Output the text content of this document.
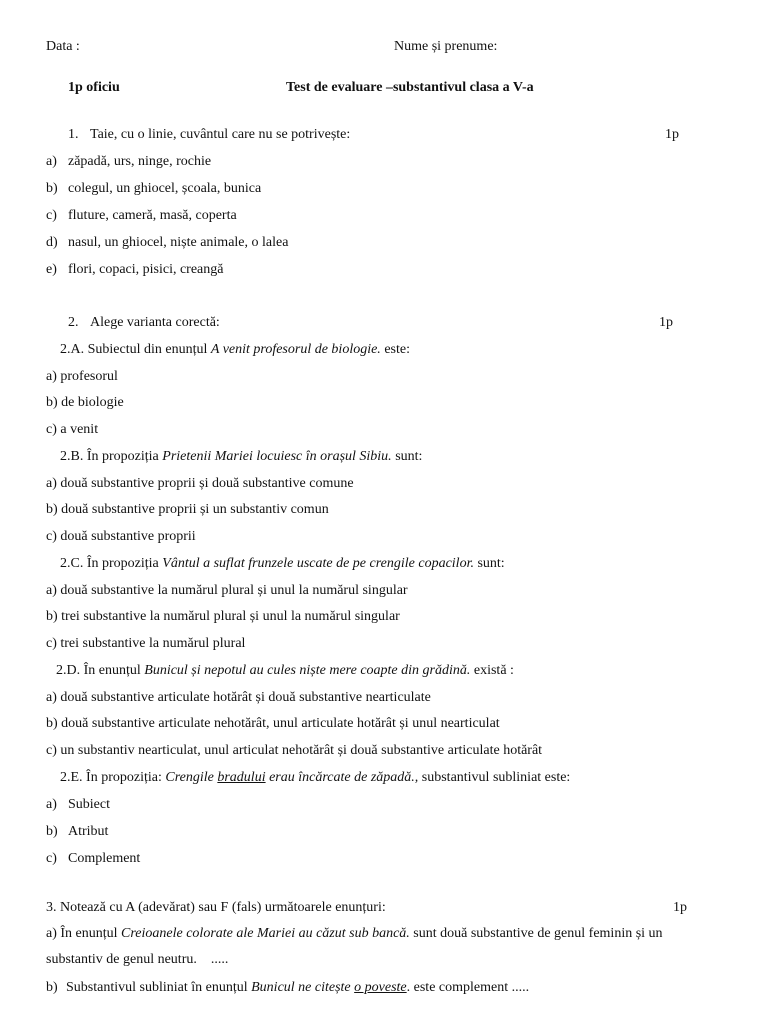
Data :	Nume și prenume:
1p oficiu	Test de evaluare –substantivul clasa a V-a
1. Taie, cu o linie, cuvântul care nu se potrivește:	1p
a) zăpadă, urs, ninge, rochie
b) colegul, un ghiocel, școala, bunica
c) fluture, cameră, masă, coperta
d) nasul, un ghiocel, niște animale, o lalea
e) flori, copaci, pisici, creangă
2. Alege varianta corectă:	1p
2.A. Subiectul din enunțul A venit profesorul de biologie. este:
a) profesorul
b) de biologie
c) a venit
2.B. În propoziția Prietenii Mariei locuiesc în orașul Sibiu. sunt:
a) două substantive proprii și două substantive comune
b) două substantive proprii și un substantiv comun
c) două substantive proprii
2.C. În propoziția Vântul a suflat frunzele uscate de pe crengile copacilor. sunt:
a) două substantive la numărul plural și unul la numărul singular
b) trei substantive la numărul plural și unul la numărul singular
c) trei substantive la numărul plural
2.D. În enunțul Bunicul și nepotul au cules niște mere coapte din grădină. există :
a) două substantive articulate hotărât și două substantive nearticulate
b) două substantive articulate nehotărât, unul articulate hotărât și unul nearticulat
c) un substantiv nearticulat, unul articulat nehotărât și două substantive articulate hotărât
2.E. În propoziția: Crengile bradului erau încărcate de zăpadă., substantivul subliniat este:
a) Subiect
b) Atribut
c) Complement
3. Notează cu A (adevărat) sau F (fals) următoarele enunțuri:	1p
a) În enunțul Creioanele colorate ale Mariei au căzut sub bancă. sunt două substantive de genul feminin și un
substantiv de genul neutru.    .....
b) Substantivul subliniat în enunțul Bunicul ne citește o poveste. este complement .....
